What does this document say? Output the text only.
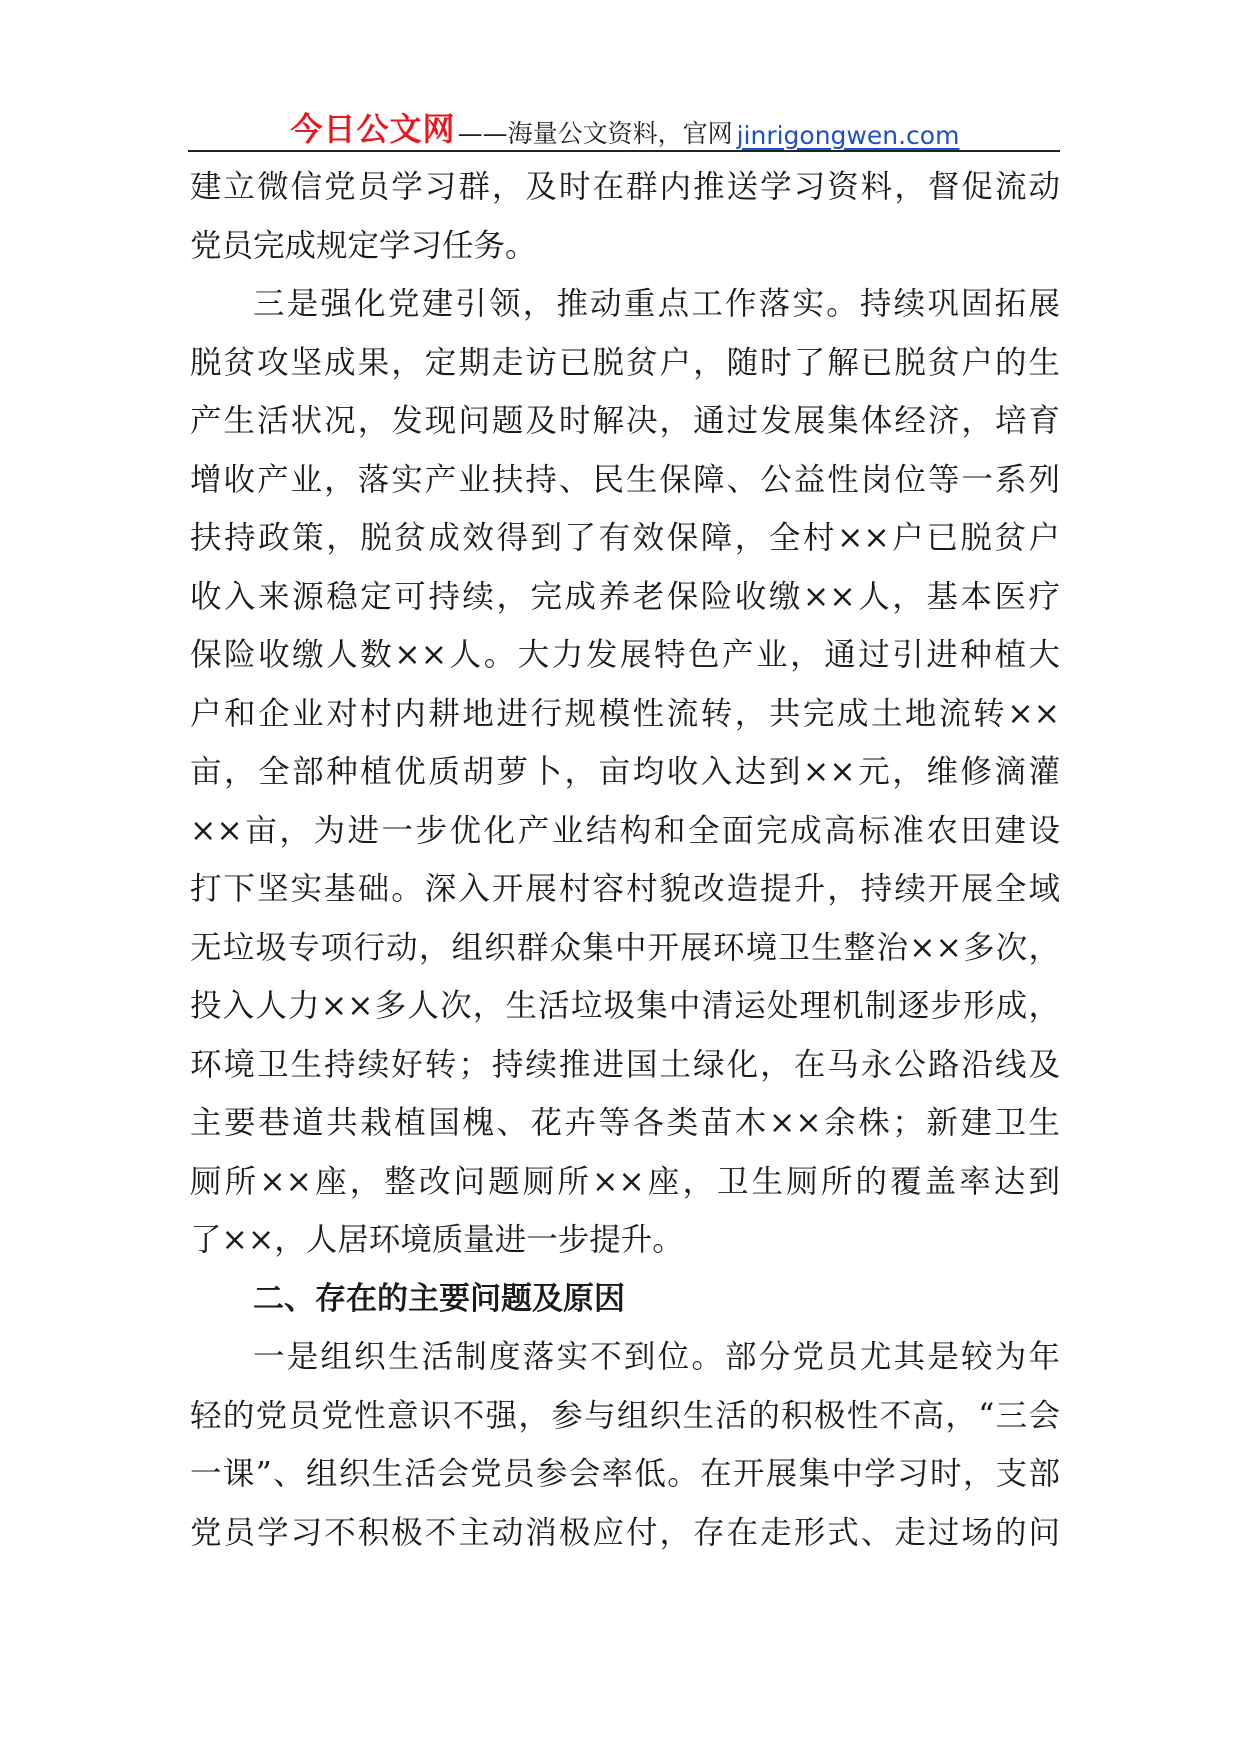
今日公文网 ——海量公文资料，官网 jinrigongwen.com
建立微信党员学习群，及时在群内推送学习资料，督促流动
党员完成规定学习任务。
三是强化党建引领，推动重点工作落实。持续巩固拓展
脱贫攻坚成果，定期走访已脱贫户，随时了解已脱贫户的生
产生活状况，发现问题及时解决，通过发展集体经济，培育
增收产业，落实产业扶持、民生保障、公益性岗位等一系列
扶持政策，脱贫成效得到了有效保障，全村××户已脱贫户
收入来源稳定可持续，完成养老保险收缴××人，基本医疗
保险收缴人数××人。大力发展特色产业，通过引进种植大
户和企业对村内耕地进行规模性流转，共完成土地流转××
亩，全部种植优质胡萝卜，亩均收入达到××元，维修滴灌
××亩，为进一步优化产业结构和全面完成高标准农田建设
打下坚实基础。深入开展村容村貌改造提升，持续开展全域
无垃圾专项行动，组织群众集中开展环境卫生整治××多次，
投入人力××多人次，生活垃圾集中清运处理机制逐步形成，
环境卫生持续好转；持续推进国土绿化，在马永公路沿线及
主要巷道共栽植国槐、花卉等各类苗木××余株；新建卫生
厕所××座，整改问题厕所××座，卫生厕所的覆盖率达到
了××，人居环境质量进一步提升。
二、存在的主要问题及原因
一是组织生活制度落实不到位。部分党员尤其是较为年
轻的党员党性意识不强，参与组织生活的积极性不高，“三会
一课”、组织生活会党员参会率低。在开展集中学习时，支部
党员学习不积极不主动消极应付，存在走形式、走过场的问
